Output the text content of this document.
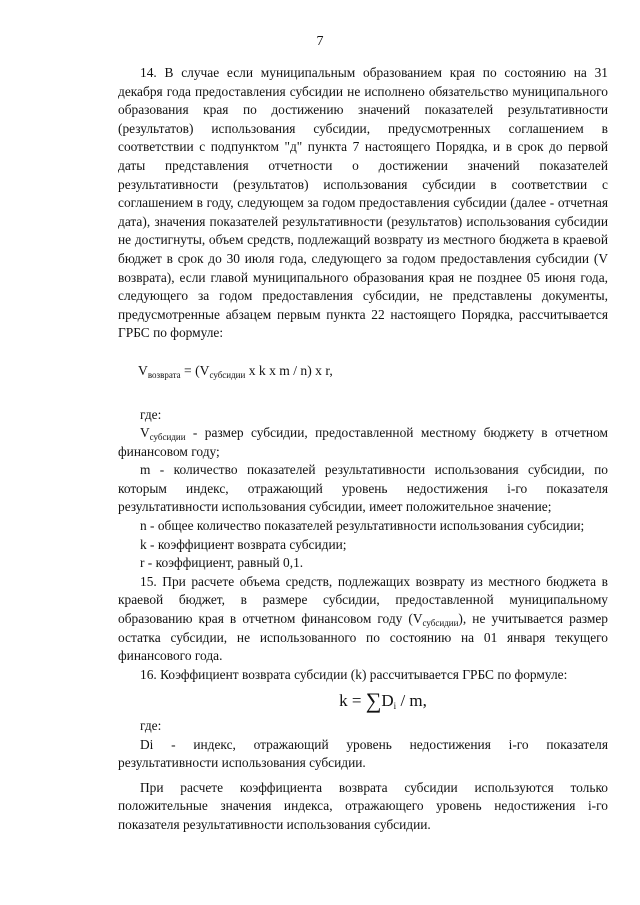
7

14. В случае если муниципальным образованием края по состоянию на 31 декабря года предоставления субсидии не исполнено обязательство муниципального образования края по достижению значений показателей результативности (результатов) использования субсидии, предусмотренных соглашением в соответствии с подпунктом "д" пункта 7 настоящего Порядка, и в срок до первой даты представления отчетности о достижении значений показателей результативности (результатов) использования субсидии в соответствии с соглашением в году, следующем за годом предоставления субсидии (далее - отчетная дата), значения показателей результативности (результатов) использования субсидии не достигнуты, объем средств, подлежащий возврату из местного бюджета в краевой бюджет в срок до 30 июля года, следующего за годом предоставления субсидии (V возврата), если главой муниципального образования края не позднее 05 июня года, следующего за годом предоставления субсидии, не представлены документы, предусмотренные абзацем первым пункта 22 настоящего Порядка, рассчитывается ГРБС по формуле:

$V_{возврата} = (V_{субсидии}$ x k x m / n) x r,

где:

$V_{субсидии}$ - размер субсидии, предоставленной местному бюджету в отчетном финансовом году;

m - количество показателей результативности использования субсидии, по которым индекс, отражающий уровень недостижения i-го показателя результативности использования субсидии, имеет положительное значение;

n - общее количество показателей результативности использования субсидии;

k - коэффициент возврата субсидии;

r - коэффициент, равный 0,1.

15. При расчете объема средств, подлежащих возврату из местного бюджета в краевой бюджет, в размере субсидии, предоставленной муниципальному образованию края в отчетном финансовом году $(V_{субсидии})$, не учитывается размер остатка субсидии, не использованного по состоянию на 01 января текущего финансового года.

16. Коэффициент возврата субсидии (k) рассчитывается ГРБС по формуле:

$k = \sum D_i / m$,

где:

Di - индекс, отражающий уровень недостижения i-го показателя результативности использования субсидии.

При расчете коэффициента возврата субсидии используются только положительные значения индекса, отражающего уровень недостижения i-го показателя результативности использования субсидии.
